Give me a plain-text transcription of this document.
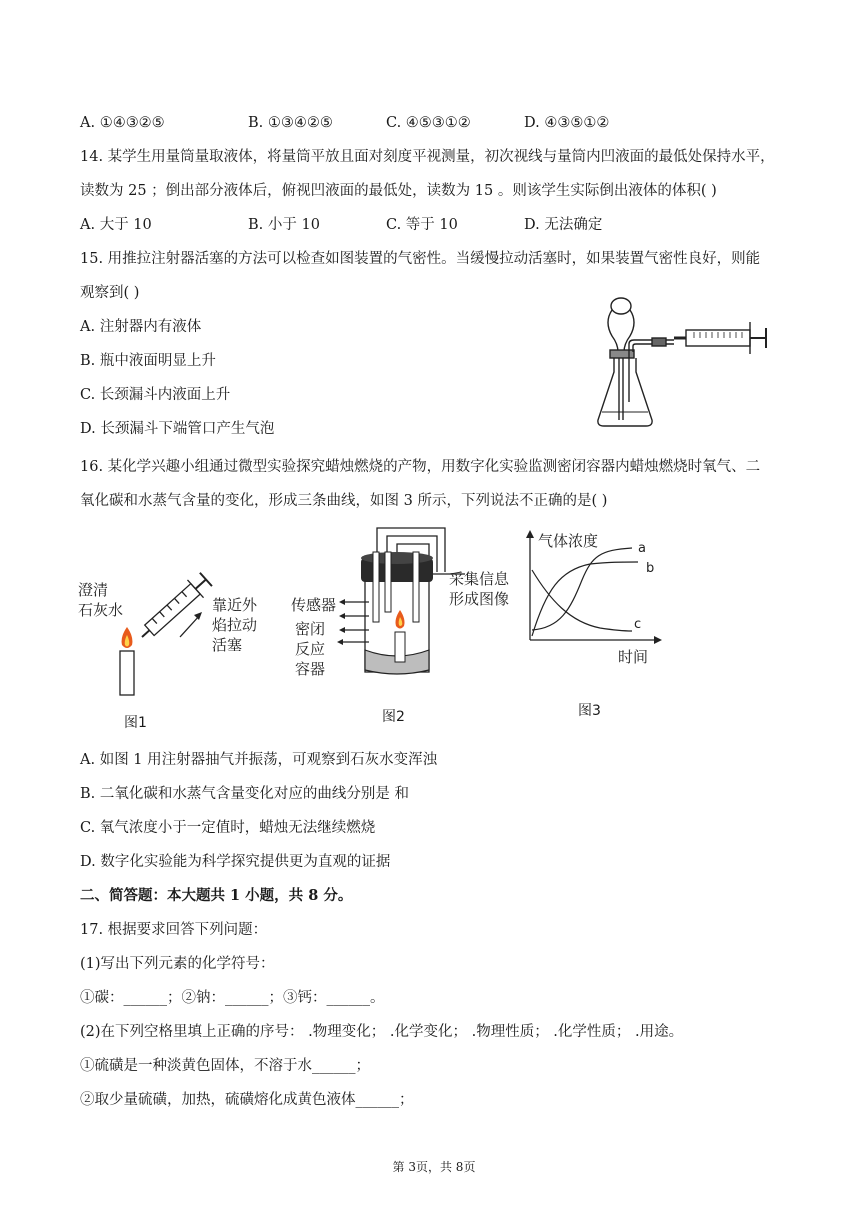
A. ①④③②⑤	B. ①③④②⑤	C. ④⑤③①②	D. ④③⑤①②
14. 某学生用量筒量取液体，将量筒平放且面对刻度平视测量，初次视线与量筒内凹液面的最低处保持水平，
读数为 25 ；倒出部分液体后，俯视凹液面的最低处，读数为 15 。则该学生实际倒出液体的体积( )
A. 大于 10	B. 小于 10	C. 等于 10	D. 无法确定
15. 用推拉注射器活塞的方法可以检查如图装置的气密性。当缓慢拉动活塞时，如果装置气密性良好，则能
观察到( )
A. 注射器内有液体
B. 瓶中液面明显上升
C. 长颈漏斗内液面上升
D. 长颈漏斗下端管口产生气泡
16. 某化学兴趣小组通过微型实验探究蜡烛燃烧的产物，用数字化实验监测密闭容器内蜡烛燃烧时氧气、二
氧化碳和水蒸气含量的变化，形成三条曲线，如图 3 所示，下列说法不正确的是( )
澄清
石灰水	靠近外
焰拉动
活塞
图1
传感器
密闭
反应
容器
采集信息
形成图像
图2
气体浓度
时间
a
b
c
图3
A. 如图 1 用注射器抽气并振荡，可观察到石灰水变浑浊
B. 二氧化碳和水蒸气含量变化对应的曲线分别是 和
C. 氧气浓度小于一定值时，蜡烛无法继续燃烧
D. 数字化实验能为科学探究提供更为直观的证据
二、简答题：本大题共 1 小题，共 8 分。
17. 根据要求回答下列问题：
(1)写出下列元素的化学符号：
①碳：______；②钠：______；③钙：______。
(2)在下列空格里填上正确的序号： .物理变化； .化学变化； .物理性质； .化学性质； .用途。
①硫磺是一种淡黄色固体，不溶于水______；
②取少量硫磺，加热，硫磺熔化成黄色液体______；
第 3页，共 8页
